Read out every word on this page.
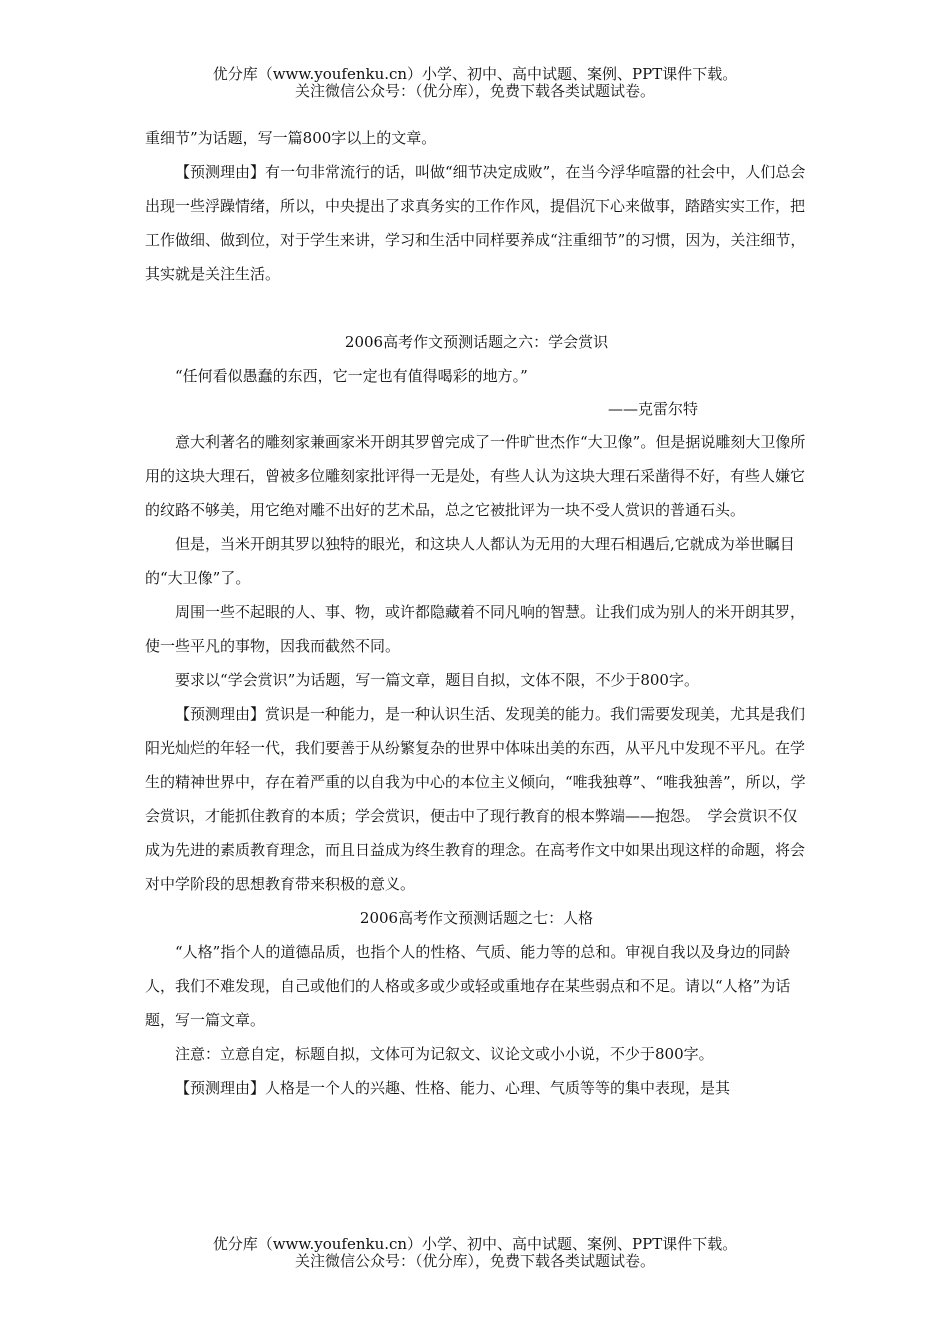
优分库（www.youfenku.cn）小学、初中、高中试题、案例、PPT课件下载。
关注微信公众号：（优分库），免费下载各类试题试卷。

重细节”为话题，写一篇800字以上的文章。

【预测理由】有一句非常流行的话，叫做“细节决定成败”，在当今浮华喧嚣的社会中，人们总会出现一些浮躁情绪，所以，中央提出了求真务实的工作作风，提倡沉下心来做事，踏踏实实工作，把工作做细、做到位，对于学生来讲，学习和生活中同样要养成“注重细节”的习惯，因为，关注细节，其实就是关注生活。

2006高考作文预测话题之六：学会赏识

“任何看似愚蠢的东西，它一定也有值得喝彩的地方。”

——克雷尔特

意大利著名的雕刻家兼画家米开朗其罗曾完成了一件旷世杰作“大卫像”。但是据说雕刻大卫像所用的这块大理石，曾被多位雕刻家批评得一无是处，有些人认为这块大理石采凿得不好，有些人嫌它的纹路不够美，用它绝对雕不出好的艺术品，总之它被批评为一块不受人赏识的普通石头。

但是，当米开朗其罗以独特的眼光，和这块人人都认为无用的大理石相遇后,它就成为举世瞩目的“大卫像”了。

周围一些不起眼的人、事、物，或许都隐藏着不同凡响的智慧。让我们成为别人的米开朗其罗，使一些平凡的事物，因我而截然不同。

要求以“学会赏识”为话题，写一篇文章，题目自拟，文体不限，不少于800字。

【预测理由】赏识是一种能力，是一种认识生活、发现美的能力。我们需要发现美，尤其是我们阳光灿烂的年轻一代，我们要善于从纷繁复杂的世界中体味出美的东西，从平凡中发现不平凡。在学生的精神世界中，存在着严重的以自我为中心的本位主义倾向，“唯我独尊”、“唯我独善”，所以，学会赏识，才能抓住教育的本质；学会赏识，便击中了现行教育的根本弊端——抱怨。　学会赏识不仅成为先进的素质教育理念，而且日益成为终生教育的理念。在高考作文中如果出现这样的命题，将会对中学阶段的思想教育带来积极的意义。

2006高考作文预测话题之七：人格

“人格”指个人的道德品质，也指个人的性格、气质、能力等的总和。审视自我以及身边的同龄人，我们不难发现，自己或他们的人格或多或少或轻或重地存在某些弱点和不足。请以“人格”为话题，写一篇文章。

注意：立意自定，标题自拟，文体可为记叙文、议论文或小小说，不少于800字。

【预测理由】人格是一个人的兴趣、性格、能力、心理、气质等等的集中表现，是其

优分库（www.youfenku.cn）小学、初中、高中试题、案例、PPT课件下载。
关注微信公众号：（优分库），免费下载各类试题试卷。
